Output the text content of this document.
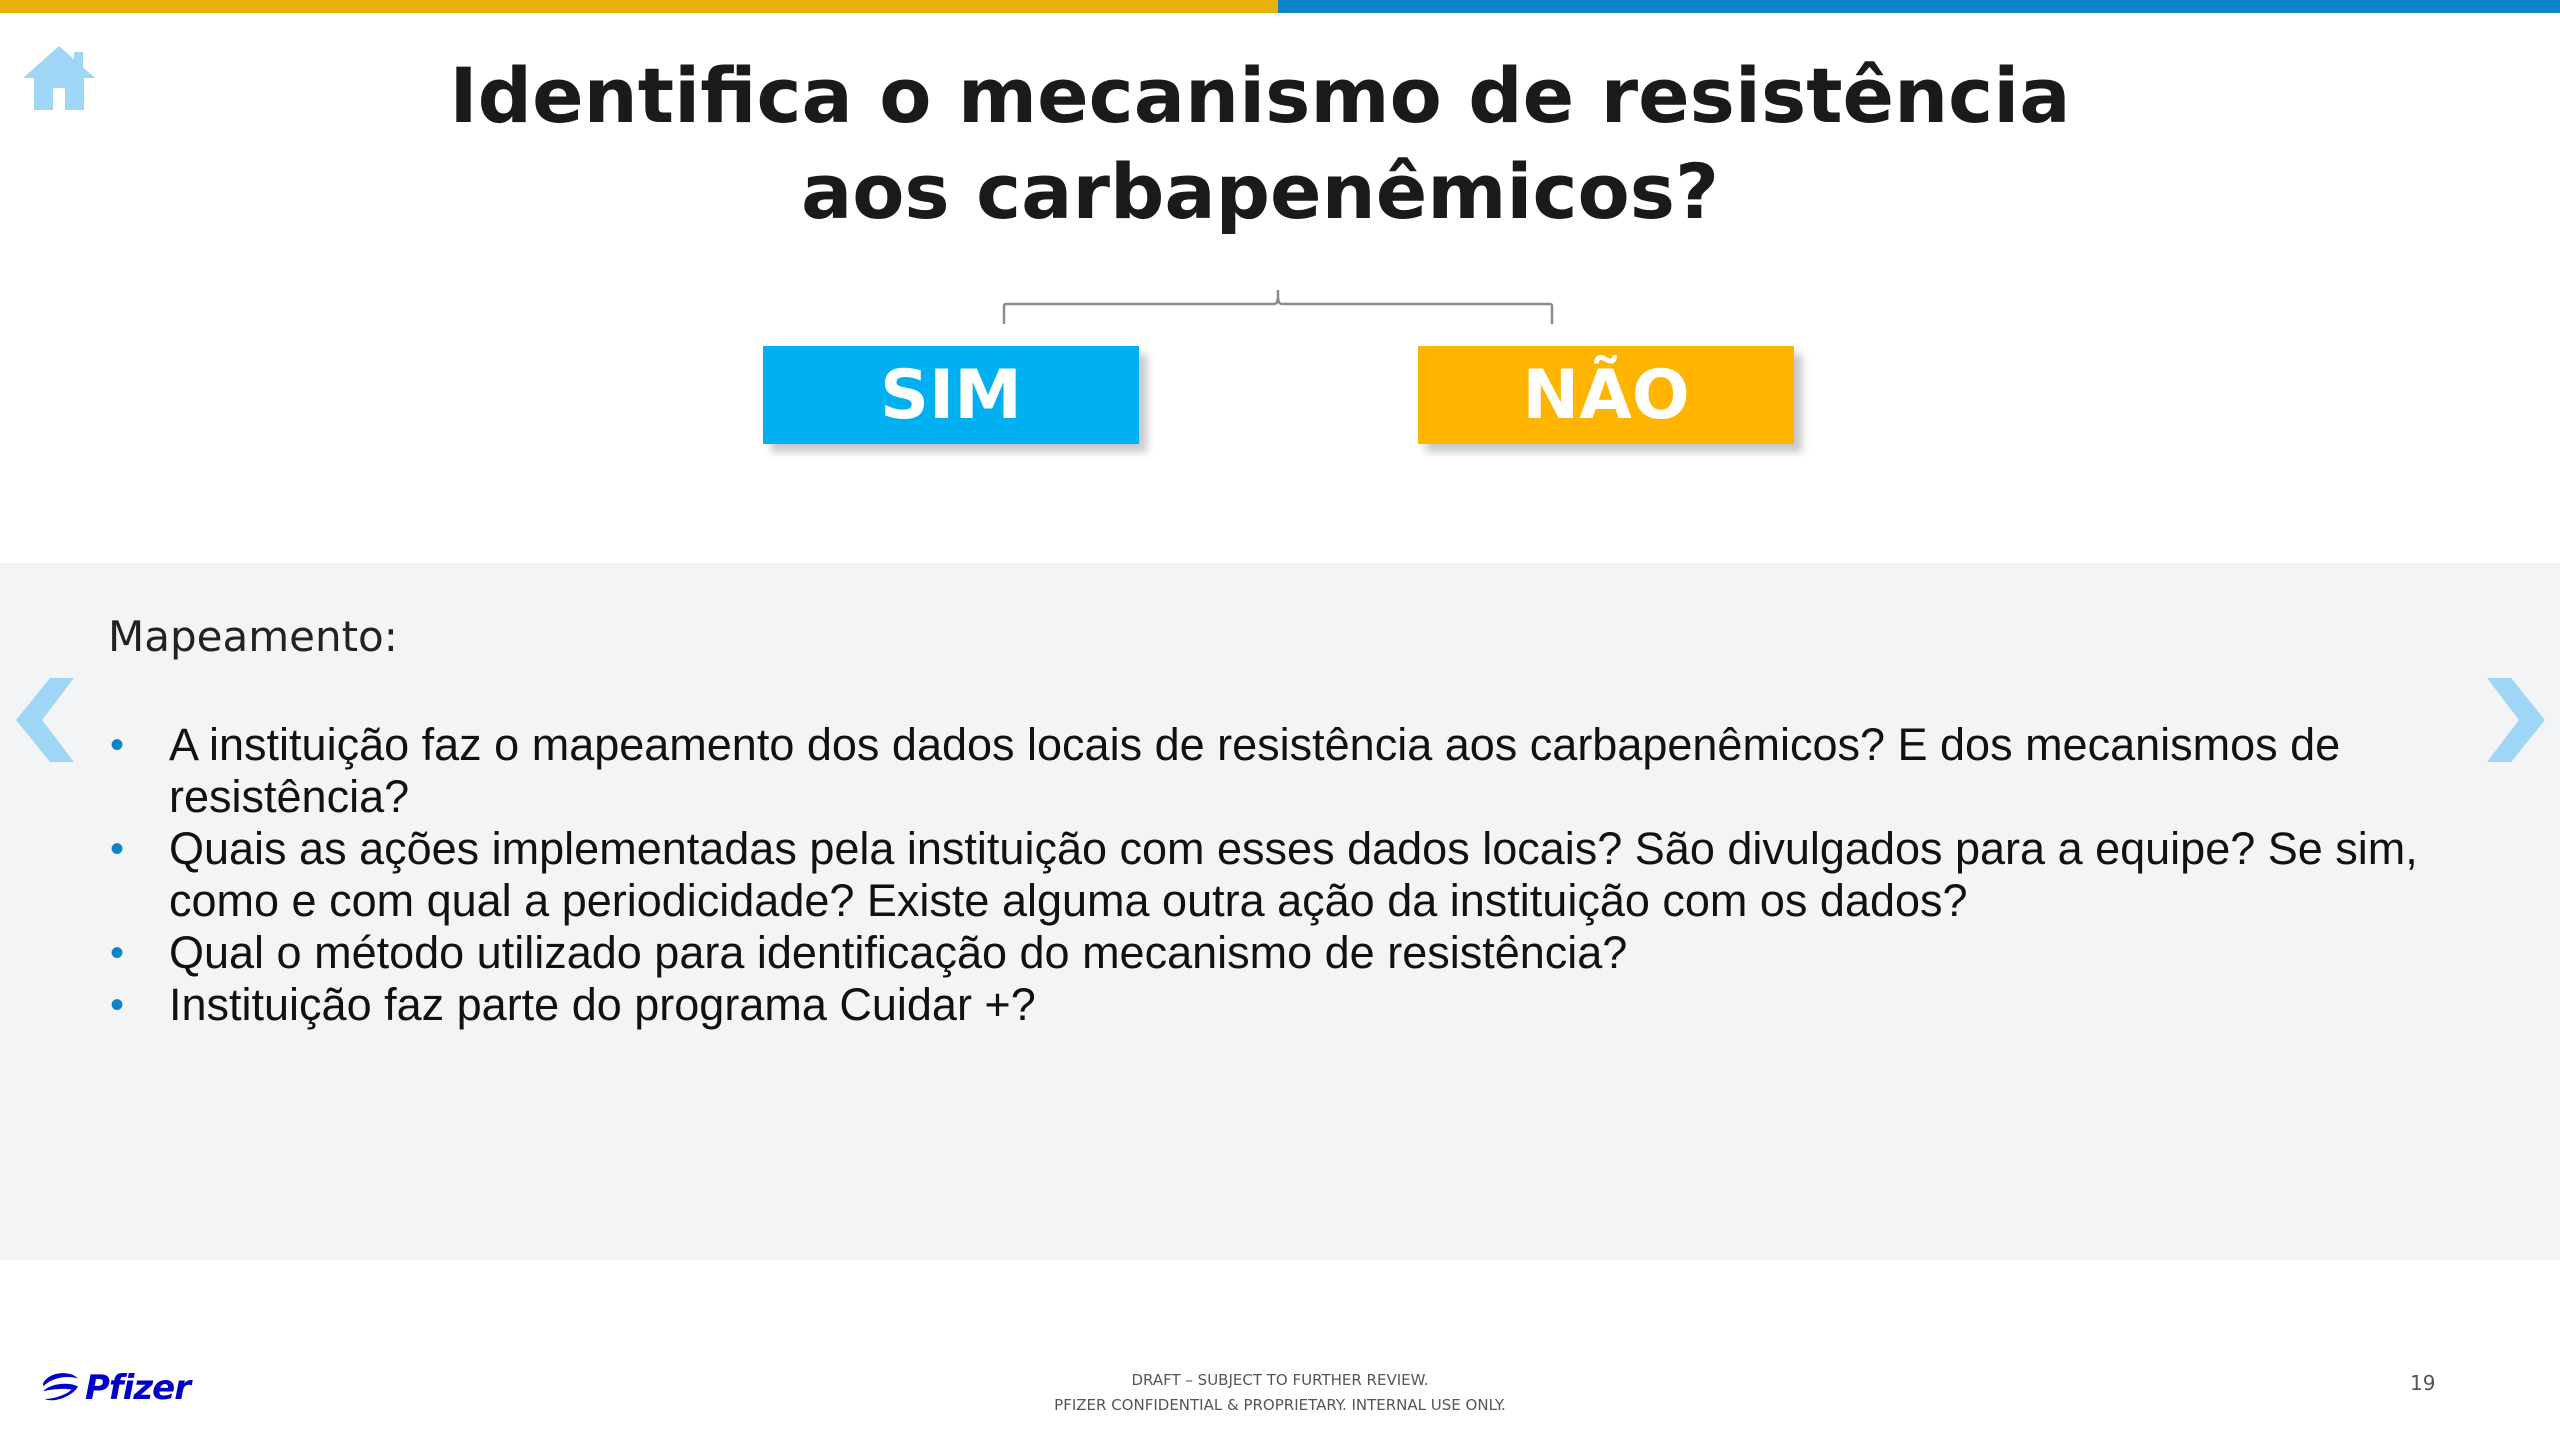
Identifica o mecanismo de resistência aos carbapenêmicos?
SIM	NÃO
Mapeamento:
• A instituição faz o mapeamento dos dados locais de resistência aos carbapenêmicos? E dos mecanismos de resistência?
• Quais as ações implementadas pela instituição com esses dados locais? São divulgados para a equipe? Se sim, como e com qual a periodicidade? Existe alguma outra ação da instituição com os dados?
• Qual o método utilizado para identificação do mecanismo de resistência?
• Instituição faz parte do programa Cuidar +?
Pfizer	DRAFT – SUBJECT TO FURTHER REVIEW.
PFIZER CONFIDENTIAL & PROPRIETARY. INTERNAL USE ONLY.
19
